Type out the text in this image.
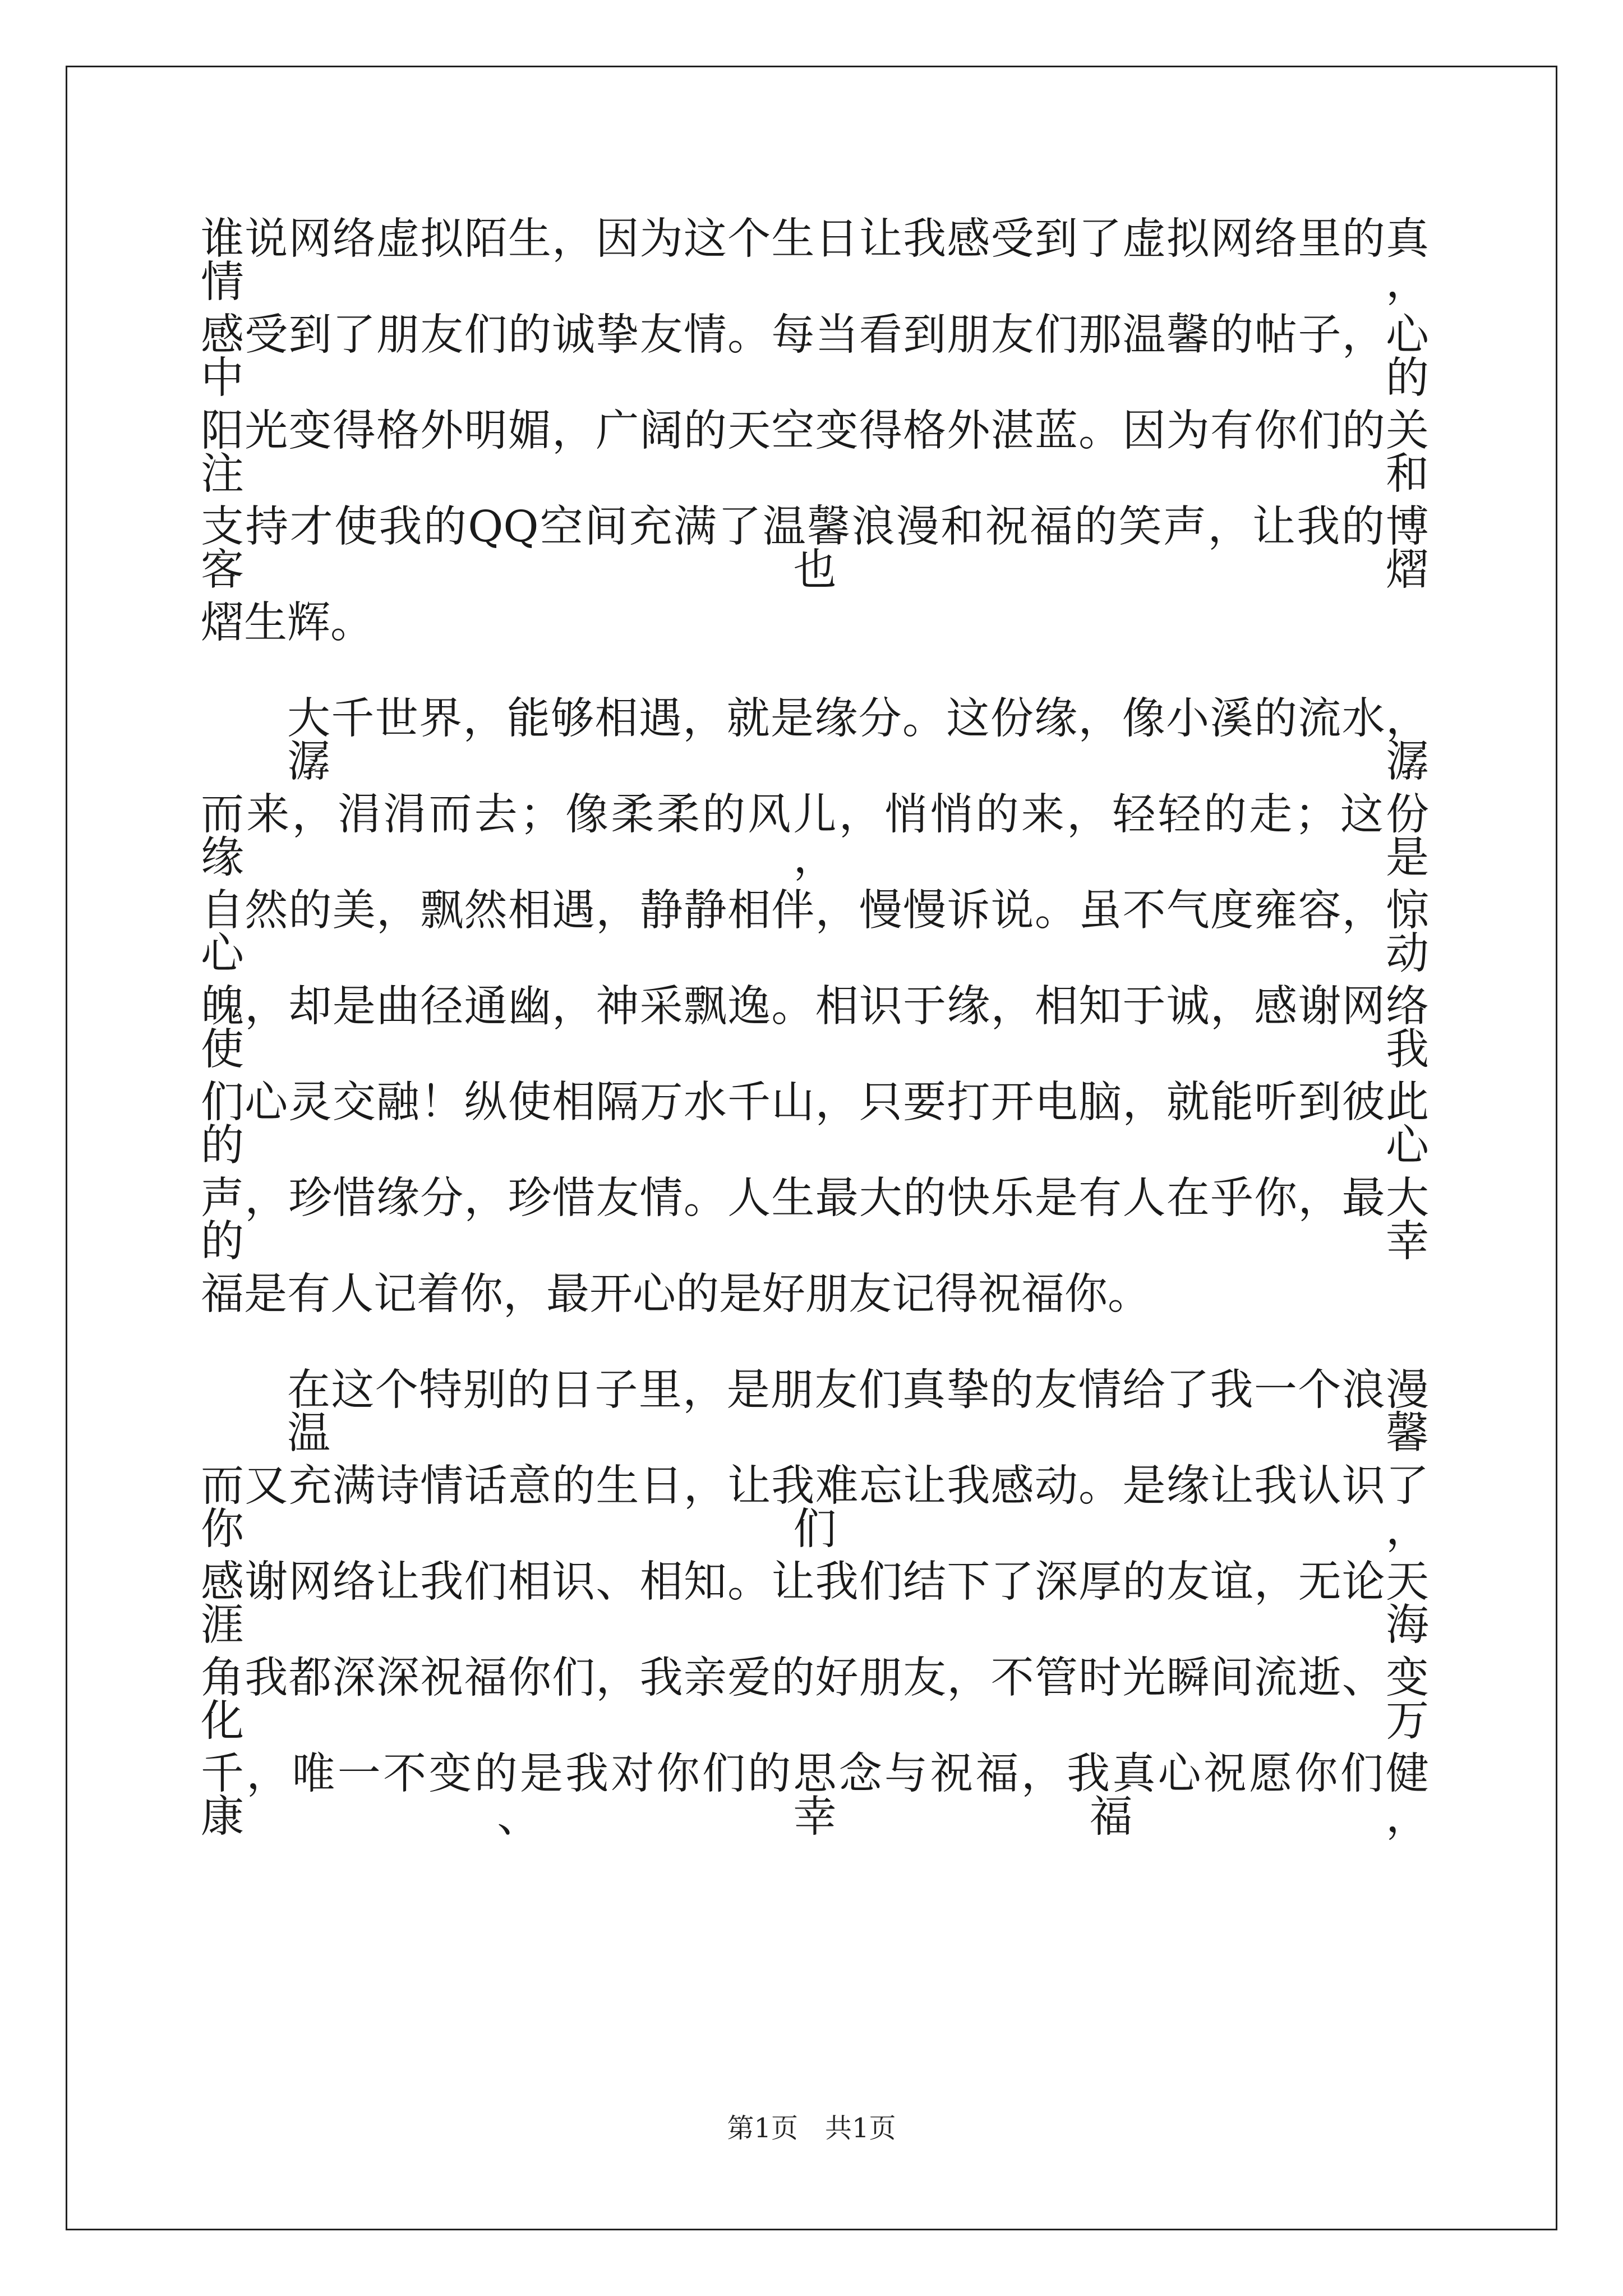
谁说网络虚拟陌生，因为这个生日让我感受到了虚拟网络里的真情，
感受到了朋友们的诚挚友情。每当看到朋友们那温馨的帖子，心中的
阳光变得格外明媚，广阔的天空变得格外湛蓝。因为有你们的关注和
支持才使我的QQ空间充满了温馨浪漫和祝福的笑声，让我的博客也熠
熠生辉。
大千世界，能够相遇，就是缘分。这份缘，像小溪的流水，潺潺
而来，涓涓而去；像柔柔的风儿，悄悄的来，轻轻的走；这份缘，是
自然的美，飘然相遇，静静相伴，慢慢诉说。虽不气度雍容，惊心动
魄，却是曲径通幽，神采飘逸。相识于缘，相知于诚，感谢网络使我
们心灵交融！纵使相隔万水千山，只要打开电脑，就能听到彼此的心
声，珍惜缘分，珍惜友情。人生最大的快乐是有人在乎你，最大的幸
福是有人记着你，最开心的是好朋友记得祝福你。
在这个特别的日子里，是朋友们真挚的友情给了我一个浪漫温馨
而又充满诗情话意的生日，让我难忘让我感动。是缘让我认识了你们，
感谢网络让我们相识、相知。让我们结下了深厚的友谊，无论天涯海
角我都深深祝福你们，我亲爱的好朋友，不管时光瞬间流逝、变化万
千，唯一不变的是我对你们的思念与祝福，我真心祝愿你们健康、幸福，
第1页　共1页
